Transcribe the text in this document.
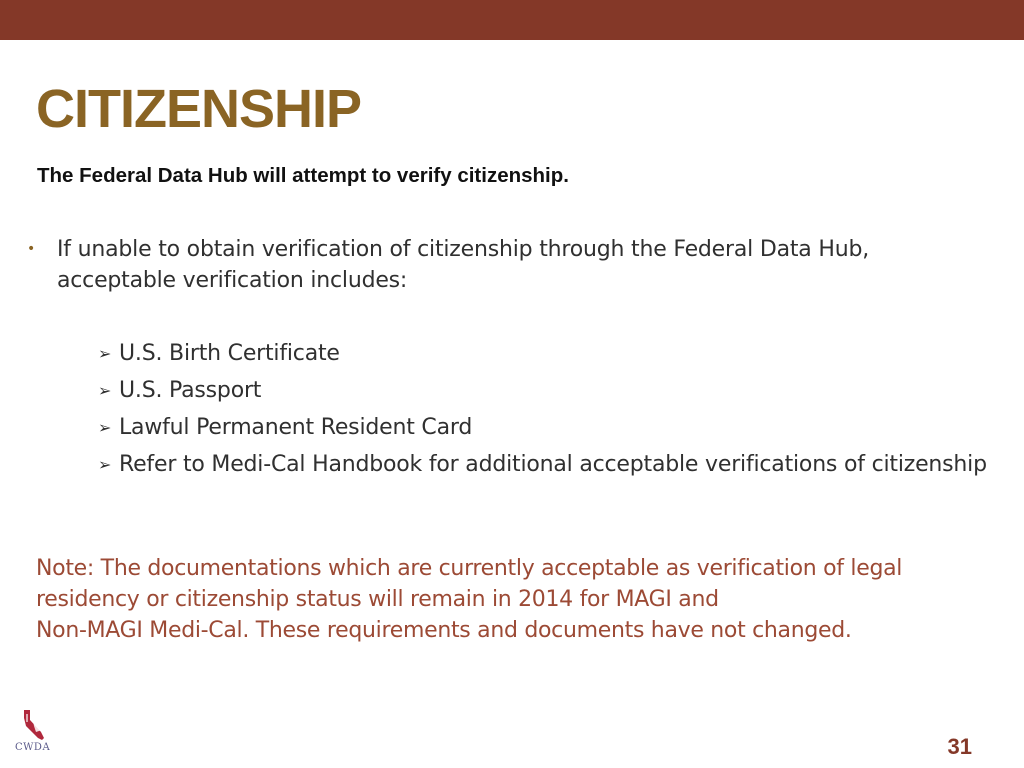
CITIZENSHIP

The Federal Data Hub will attempt to verify citizenship.

• If unable to obtain verification of citizenship through the Federal Data Hub, acceptable verification includes:
➢ U.S. Birth Certificate
➢ U.S. Passport
➢ Lawful Permanent Resident Card
➢ Refer to Medi-Cal Handbook for additional acceptable verifications of citizenship

Note: The documentations which are currently acceptable as verification of legal residency or citizenship status will remain in 2014 for MAGI and
Non-MAGI Medi-Cal. These requirements and documents have not changed.

CWDA	31
